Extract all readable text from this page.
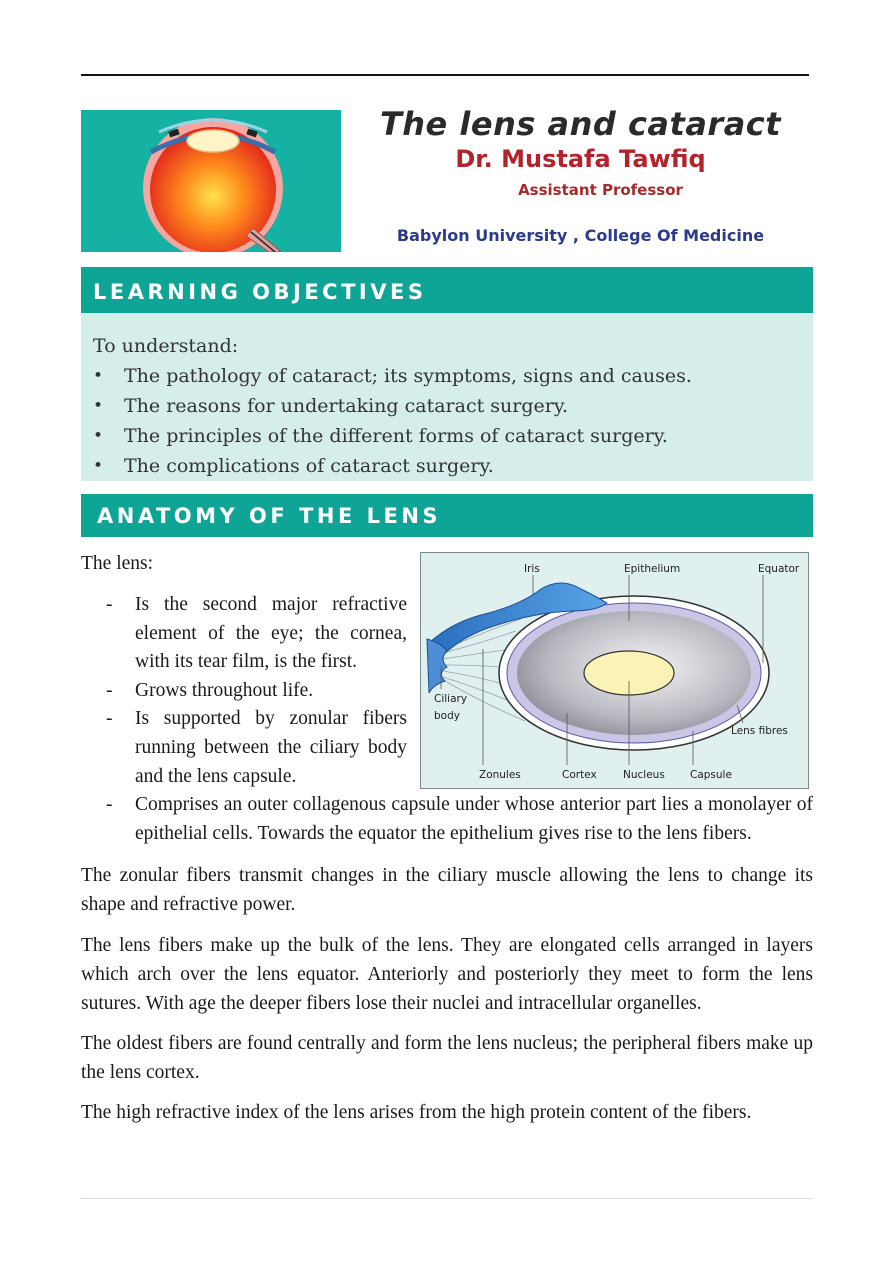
The lens and cataract
Dr. Mustafa Tawfiq
Assistant Professor
Babylon University , College Of Medicine
LEARNING OBJECTIVES
To understand:
• The pathology of cataract; its symptoms, signs and causes.
• The reasons for undertaking cataract surgery.
• The principles of the different forms of cataract surgery.
• The complications of cataract surgery.
ANATOMY OF THE LENS
The lens:
- Is the second major refractive element of the eye; the cornea, with its tear film, is the first.
- Grows throughout life.
- Is supported by zonular fibers running between the ciliary body and the lens capsule.
- Comprises an outer collagenous capsule under whose anterior part lies a monolayer of epithelial cells. Towards the equator the epithelium gives rise to the lens fibers.
Iris	Epithelium	Equator
Ciliary
body
Lens fibres
Zonules	Cortex	Nucleus Capsule
The zonular fibers transmit changes in the ciliary muscle allowing the lens to change its shape and refractive power.
The lens fibers make up the bulk of the lens. They are elongated cells arranged in layers which arch over the lens equator. Anteriorly and posteriorly they meet to form the lens sutures. With age the deeper fibers lose their nuclei and intracellular organelles.
The oldest fibers are found centrally and form the lens nucleus; the peripheral fibers make up the lens cortex.
The high refractive index of the lens arises from the high protein content of the fibers.
